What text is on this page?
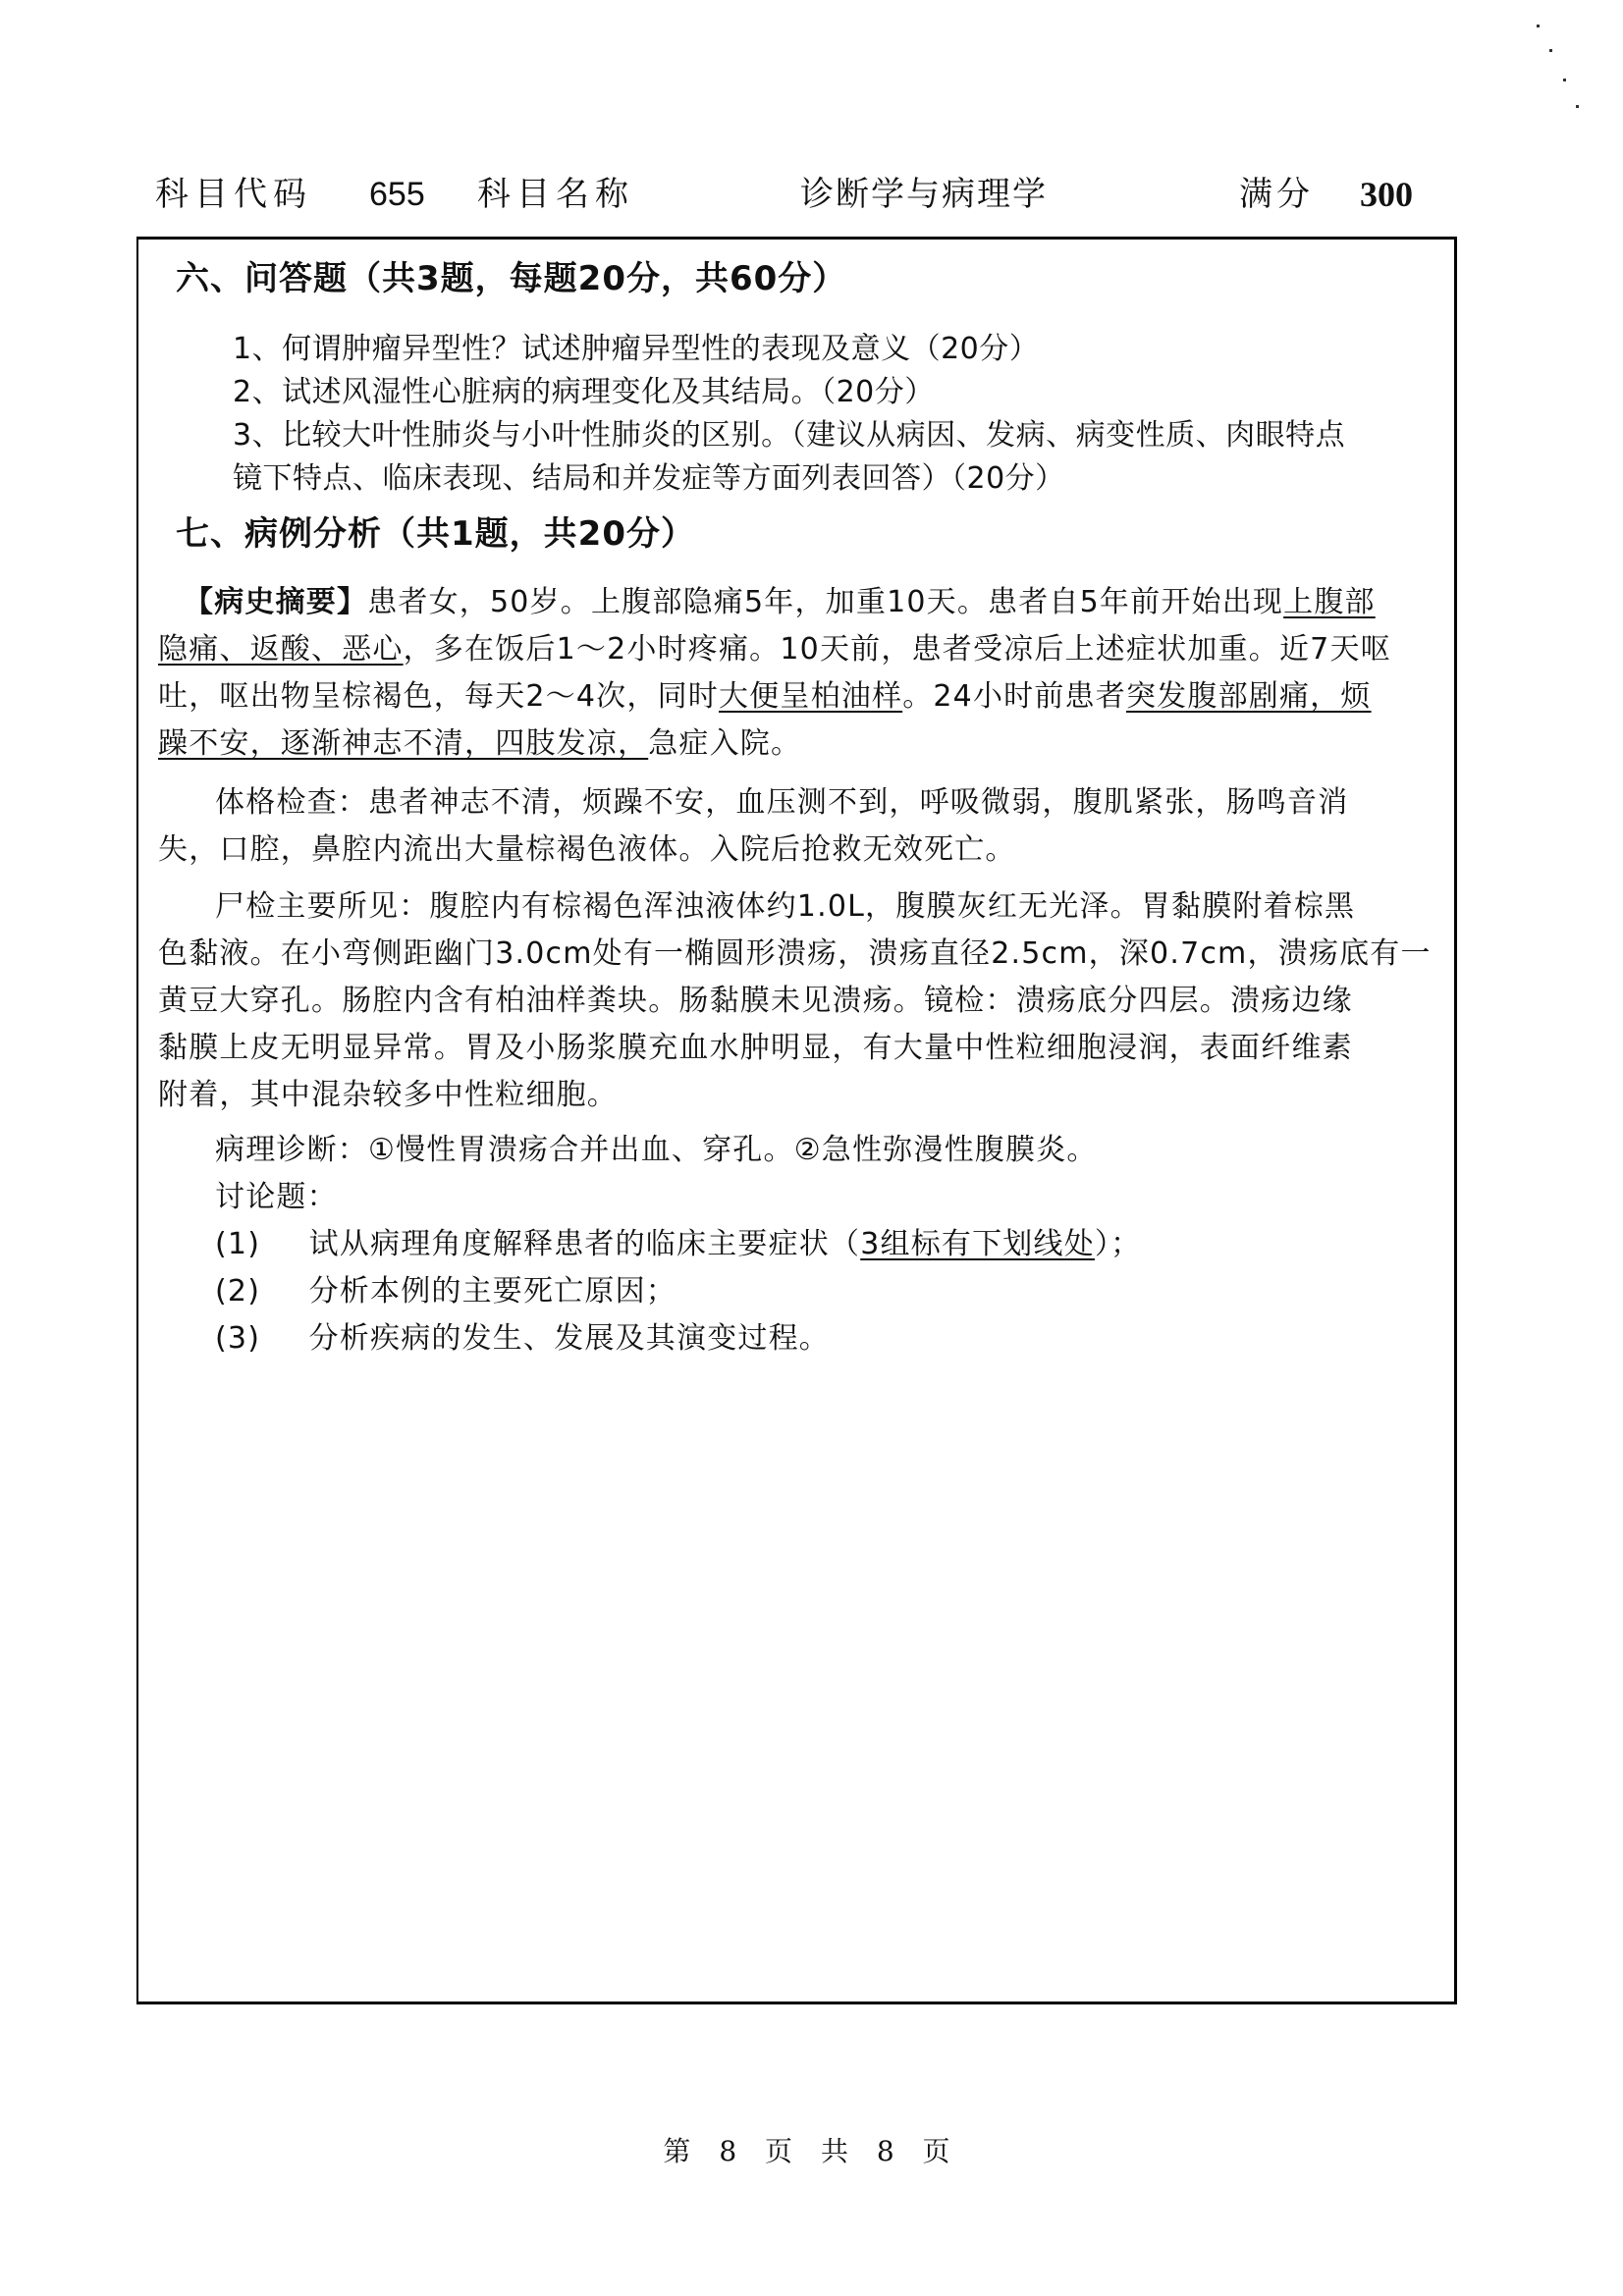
科目代码 655 科目名称	诊断学与病理学	满分 300
六、问答题（共3题，每题20分，共60分）
1、何谓肿瘤异型性？试述肿瘤异型性的表现及意义（20分）
2、试述风湿性心脏病的病理变化及其结局。（20分）
3、比较大叶性肺炎与小叶性肺炎的区别。（建议从病因、发病、病变性质、肉眼特点
镜下特点、临床表现、结局和并发症等方面列表回答）（20分）
七、病例分析（共1题，共20分）
【病史摘要】患者女，50岁。上腹部隐痛5年，加重10天。患者自5年前开始出现上腹部
隐痛、返酸、恶心，多在饭后1～2小时疼痛。10天前，患者受凉后上述症状加重。近7天呕
吐，呕出物呈棕褐色，每天2～4次，同时大便呈柏油样。24小时前患者突发腹部剧痛，烦
躁不安，逐渐神志不清，四肢发凉，急症入院。
体格检查：患者神志不清，烦躁不安，血压测不到，呼吸微弱，腹肌紧张，肠鸣音消
失，口腔，鼻腔内流出大量棕褐色液体。入院后抢救无效死亡。
尸检主要所见：腹腔内有棕褐色浑浊液体约1.0L，腹膜灰红无光泽。胃黏膜附着棕黑
色黏液。在小弯侧距幽门3.0cm处有一椭圆形溃疡，溃疡直径2.5cm，深0.7cm，溃疡底有一
黄豆大穿孔。肠腔内含有柏油样粪块。肠黏膜未见溃疡。镜检：溃疡底分四层。溃疡边缘
黏膜上皮无明显异常。胃及小肠浆膜充血水肿明显，有大量中性粒细胞浸润，表面纤维素
附着，其中混杂较多中性粒细胞。
病理诊断：①慢性胃溃疡合并出血、穿孔。②急性弥漫性腹膜炎。
讨论题：
(1) 试从病理角度解释患者的临床主要症状（3组标有下划线处）；
(2) 分析本例的主要死亡原因；
(3) 分析疾病的发生、发展及其演变过程。
第 8 页 共 8 页
